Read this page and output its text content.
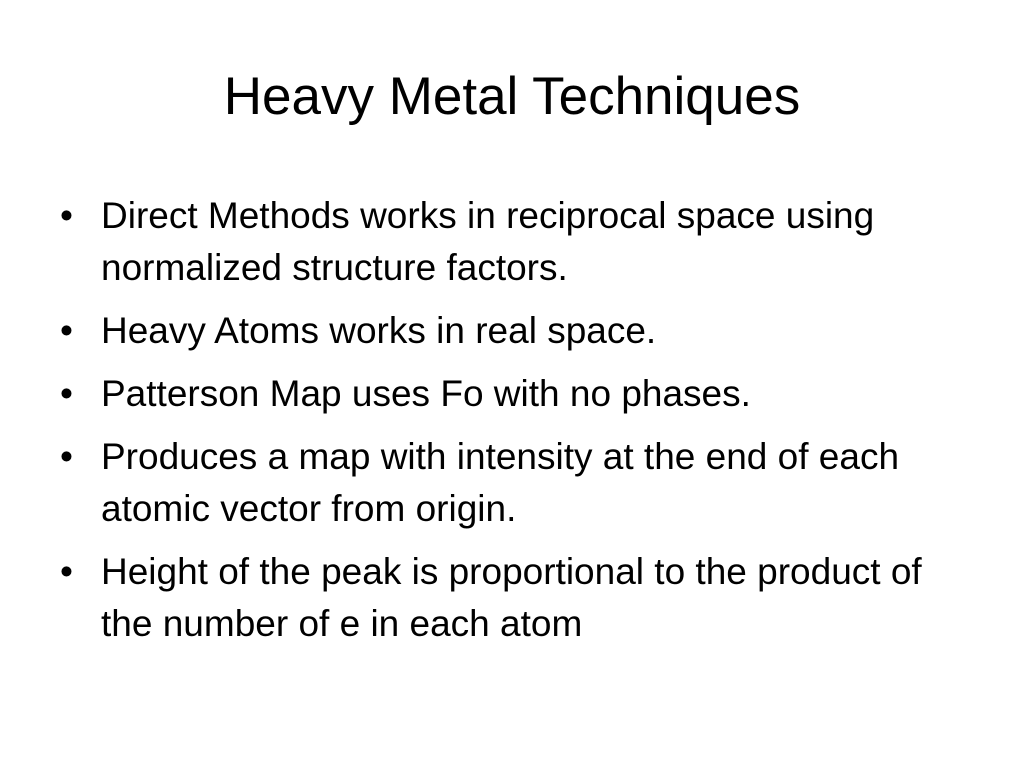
Heavy Metal Techniques
• Direct Methods works in reciprocal space using normalized structure factors.
• Heavy Atoms works in real space.
• Patterson Map uses Fo with no phases.
• Produces a map with intensity at the end of each atomic vector from origin.
• Height of the peak is proportional to the product of the number of e in each atom
